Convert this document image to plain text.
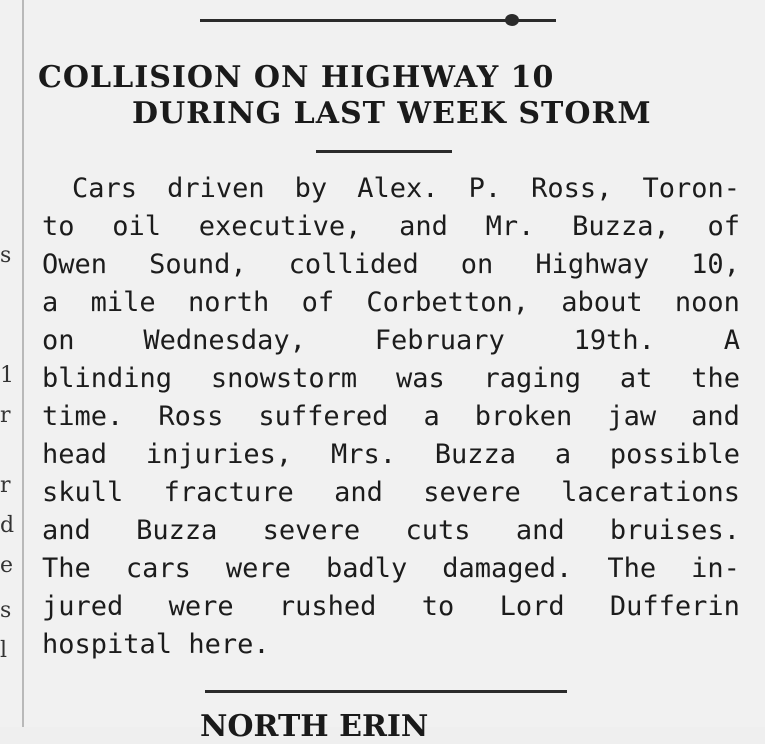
s
1
r
r
d
e
s
l
COLLISION ON HIGHWAY 10
DURING LAST WEEK STORM
Cars driven by Alex. P. Ross, Toron-
to oil executive, and Mr. Buzza, of
Owen Sound, collided on Highway 10,
a mile north of Corbetton, about noon
on	Wednesday,	February	19th.	A
blinding snowstorm was raging at the
time. Ross suffered a broken jaw and
head injuries, Mrs. Buzza a possible
skull fracture and severe lacerations
and Buzza severe cuts and bruises.
The cars were badly damaged. The in-
jured were rushed to Lord Dufferin
hospital here.
NORTH ERIN
